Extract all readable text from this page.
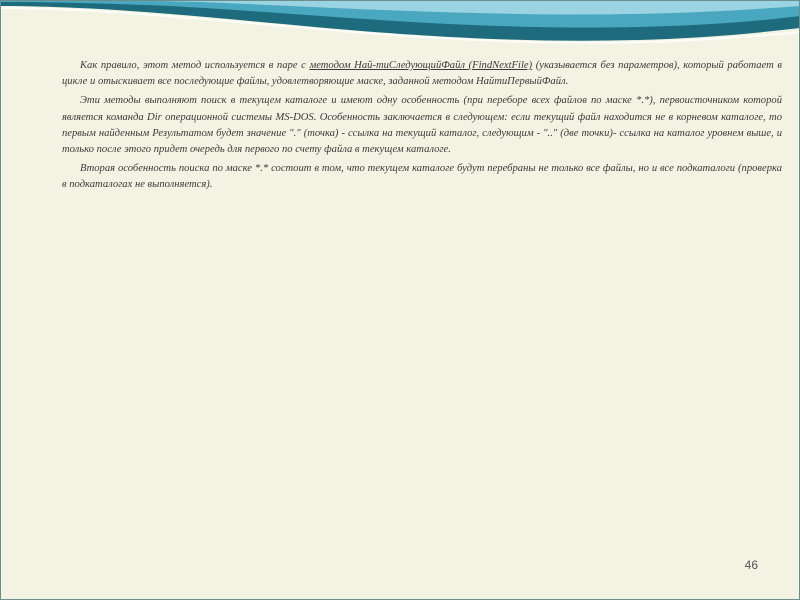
Как правило, этот метод используется в паре с методом Най-тиСледующийФайл (FindNextFile) (указывается без параметров), который работает в цикле и отыскивает все последующие файлы, удовлетворяющие маске, заданной методом НайтиПервыйФайл.

Эти методы выполняют поиск в текущем каталоге и имеют одну особенность (при переборе всех файлов по маске *.*), первоисточником которой является команда Dir операционной системы MS-DOS. Особенность заключается в следующем: если текущий файл находится не в корневом каталоге, то первым найденным Результатом будет значение "." (точка) - ссылка на текущий каталог, следующим - ".." (две точки)- ссылка на каталог уровнем выше, и только после этого придет очередь для первого по счету файла в текущем каталоге.

Вторая особенность поиска по маске *.* состоит в том, что текущем каталоге будут перебраны не только все файлы, но и все подкаталоги (проверка в подкаталогах не выполняется).

46
